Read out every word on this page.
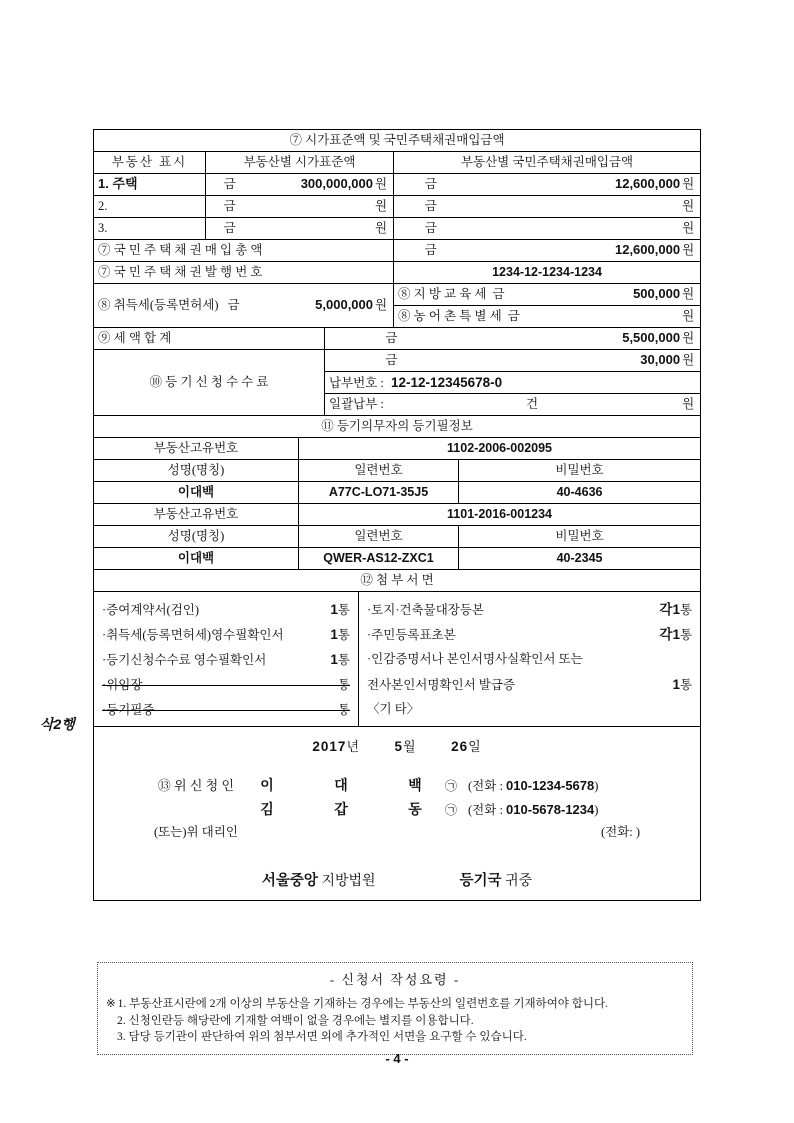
삭2행
⑦ 시가표준액 및 국민주택채권매입금액						
부동산 표시	부동산별 시가표준액				부동산별 국민주택채권매입금액	
1. 주택	금 300,000,000 원				금 12,600,000 원	

2.	금 원				금 원	

3.	금 원				금 원	

⑦ 국 민 주 택 채 권 매 입 총 액					금 12,600,000 원	

⑦ 국 민 주 택 채 권 발 행 번 호					1234-12-1234-1234	

⑧ 취득세(등록면허세) 금 5,000,000 원					⑧ 지 방 교 육 세 금 500,000 원	

					⑧ 농 어 촌 특 별 세 금 원	

⑨ 세 액 합 계			금 5,500,000 원			

⑩ 등 기 신 청 수 수 료			금 30,000 원			

			납부번호 : 12-12-12345678-0			

			일괄납부 : 건 원			

⑪ 등기의무자의 등기필정보						
부동산고유번호		1102-2006-002095				
성명(명칭)		일련번호				비밀번호
이대백		A77C-LO71-35J5				40-4636
부동산고유번호		1101-2016-001234				
성명(명칭)		일련번호				비밀번호
이대백		QWER-AS12-ZXC1				40-2345
⑫ 첨 부 서 면						

·증여계약서(검인)	1통
·취득세(등록면허세)영수필확인서	1통
·등기신청수수료 영수필확인서	1통
·위임장	통
·등기필증	통

·토지·건축물대장등본	각1통
·주민등록표초본	각1통
·인감증명서나 본인서명사실확인서 또는
전사본인서명확인서 발급증	1통
〈기 타〉

2017년	5월	26일
⑬ 위 신 청 인	이	대	백	㉠ (전화 : 010-1234-5678)
김	갑	동	㉠ (전화 : 010-5678-1234)
(또는)위 대리인	(전화: )
서울중앙 지방법원	등기국 귀중
- 신청서 작성요령 -
※ 1. 부동산표시란에 2개 이상의 부동산을 기재하는 경우에는 부동산의 일련번호를 기재하여야 합니다.
2. 신청인란등 해당란에 기재할 여백이 없을 경우에는 별지를 이용합니다.
3. 담당 등기관이 판단하여 위의 첨부서면 외에 추가적인 서면을 요구할 수 있습니다.
- 4 -
